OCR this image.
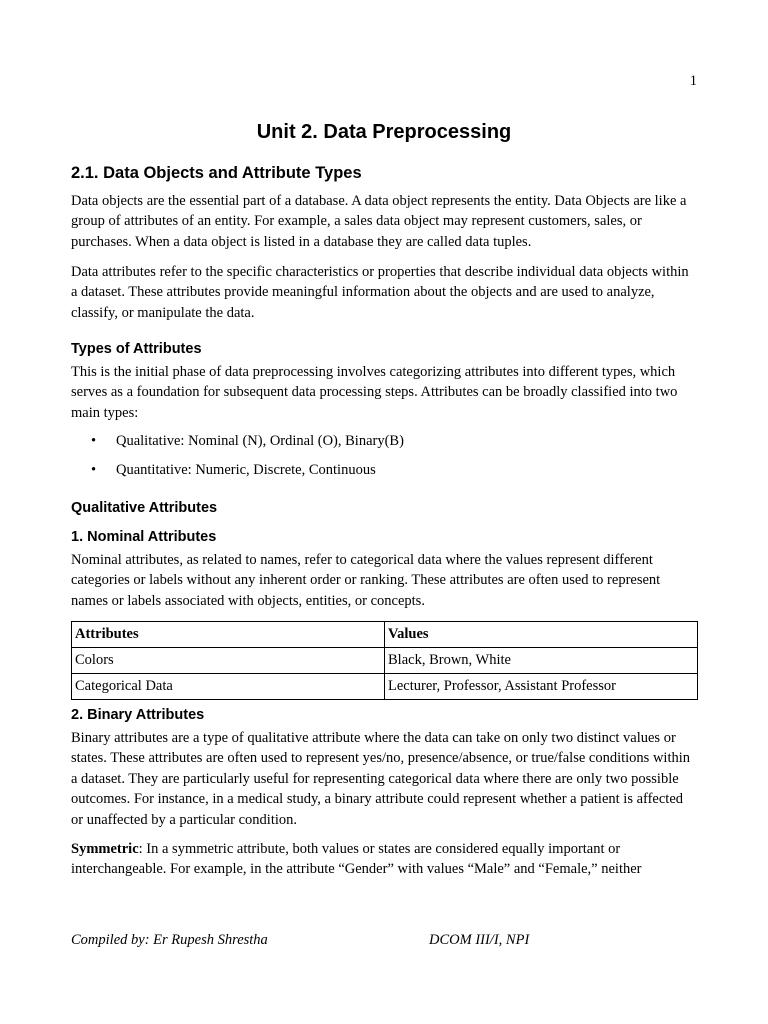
1
Unit 2. Data Preprocessing
2.1. Data Objects and Attribute Types

Data objects are the essential part of a database. A data object represents the entity. Data Objects are like a group of attributes of an entity. For example, a sales data object may represent customers, sales, or purchases. When a data object is listed in a database they are called data tuples.

Data attributes refer to the specific characteristics or properties that describe individual data objects within a dataset. These attributes provide meaningful information about the objects and are used to analyze, classify, or manipulate the data.

Types of Attributes

This is the initial phase of data preprocessing involves categorizing attributes into different types, which serves as a foundation for subsequent data processing steps. Attributes can be broadly classified into two main types:

• Qualitative: Nominal (N), Ordinal (O), Binary(B)
• Quantitative: Numeric, Discrete, Continuous
Qualitative Attributes
1. Nominal Attributes

Nominal attributes, as related to names, refer to categorical data where the values represent different categories or labels without any inherent order or ranking. These attributes are often used to represent names or labels associated with objects, entities, or concepts.

Attributes	Values
Colors	Black, Brown, White
Categorical Data	Lecturer, Professor, Assistant Professor
2. Binary Attributes

Binary attributes are a type of qualitative attribute where the data can take on only two distinct values or states. These attributes are often used to represent yes/no, presence/absence, or true/false conditions within a dataset. They are particularly useful for representing categorical data where there are only two possible outcomes. For instance, in a medical study, a binary attribute could represent whether a patient is affected or unaffected by a particular condition.

Symmetric: In a symmetric attribute, both values or states are considered equally important or interchangeable. For example, in the attribute “Gender” with values “Male” and “Female,” neither

Compiled by: Er Rupesh Shrestha	DCOM III/I, NPI
